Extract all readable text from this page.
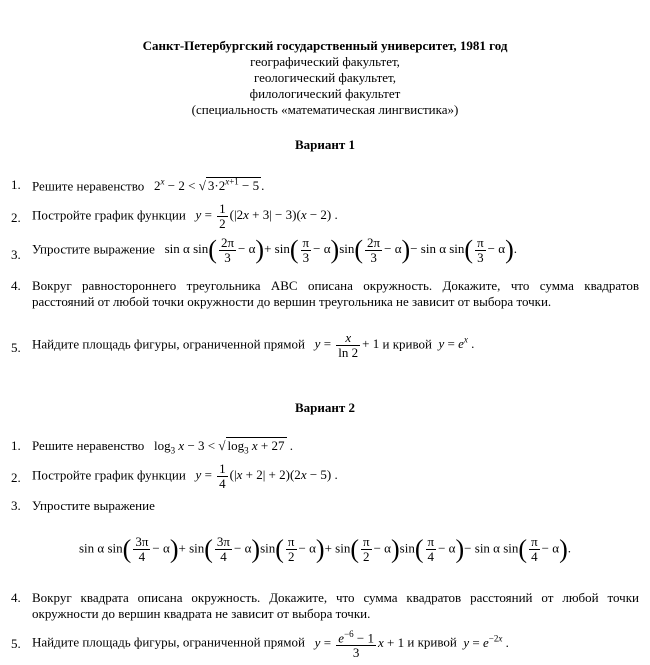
Санкт-Петербургский государственный университет, 1981 год
географический факультет,
геологический факультет,
филологический факультет
(специальность «математическая лингвистика»)
Вариант 1
1. Решите неравенство   $2^x - 2$ < √ $3\cdot 2^{x+1} - 5$ .
2. Постройте график функции $y = \frac{1}{2} (|2x + 3| - 3)(x - 2)$ .
3. Упростите выражение   sin α $\sin( \frac{2\pi}{3} - \alpha)+ \sin( \frac{\pi}{3} - \alpha)\sin( \frac{2\pi}{3} - \alpha)- \sin \alpha$ $\sin( \frac{\pi}{3} - \alpha)$.
4. Вокруг равностороннего треугольника ABC описана окружность. Докажите, что сумма квадратов расстояний от любой точки окружности до вершин треугольника не зависит от выбора точки.
5. Найдите площадь фигуры, ограниченной прямой $y = \frac{x}{\ln 2} + 1$ и кривой $y = e^x$ .
Вариант 2
1. Решите неравенство   $\log_3 x - 3$ < √ $\log_3 x + 27$ .
2. Постройте график функции $y = \frac{1}{4} (|x + 2| + 2)(2x - 5)$ .
3. Упростите выражение
sin α $\sin( \frac{3\pi}{4} - \alpha)+ \sin( \frac{3\pi}{4} - \alpha)\sin( \frac{\pi}{2} - \alpha)+ \sin( \frac{\pi}{2} - \alpha)\sin( \frac{\pi}{4} - \alpha)- \sin \alpha$ $\sin( \frac{\pi}{4} - \alpha)$.
4. Вокруг квадрата описана окружность. Докажите, что сумма квадратов расстояний от любой точки окружности до вершин квадрата не зависит от выбора точки.
5. Найдите площадь фигуры, ограниченной прямой $y = \frac{e^{-6} - 1}{3}$ x + 1 и кривой $y = e^{-2x}$ .
